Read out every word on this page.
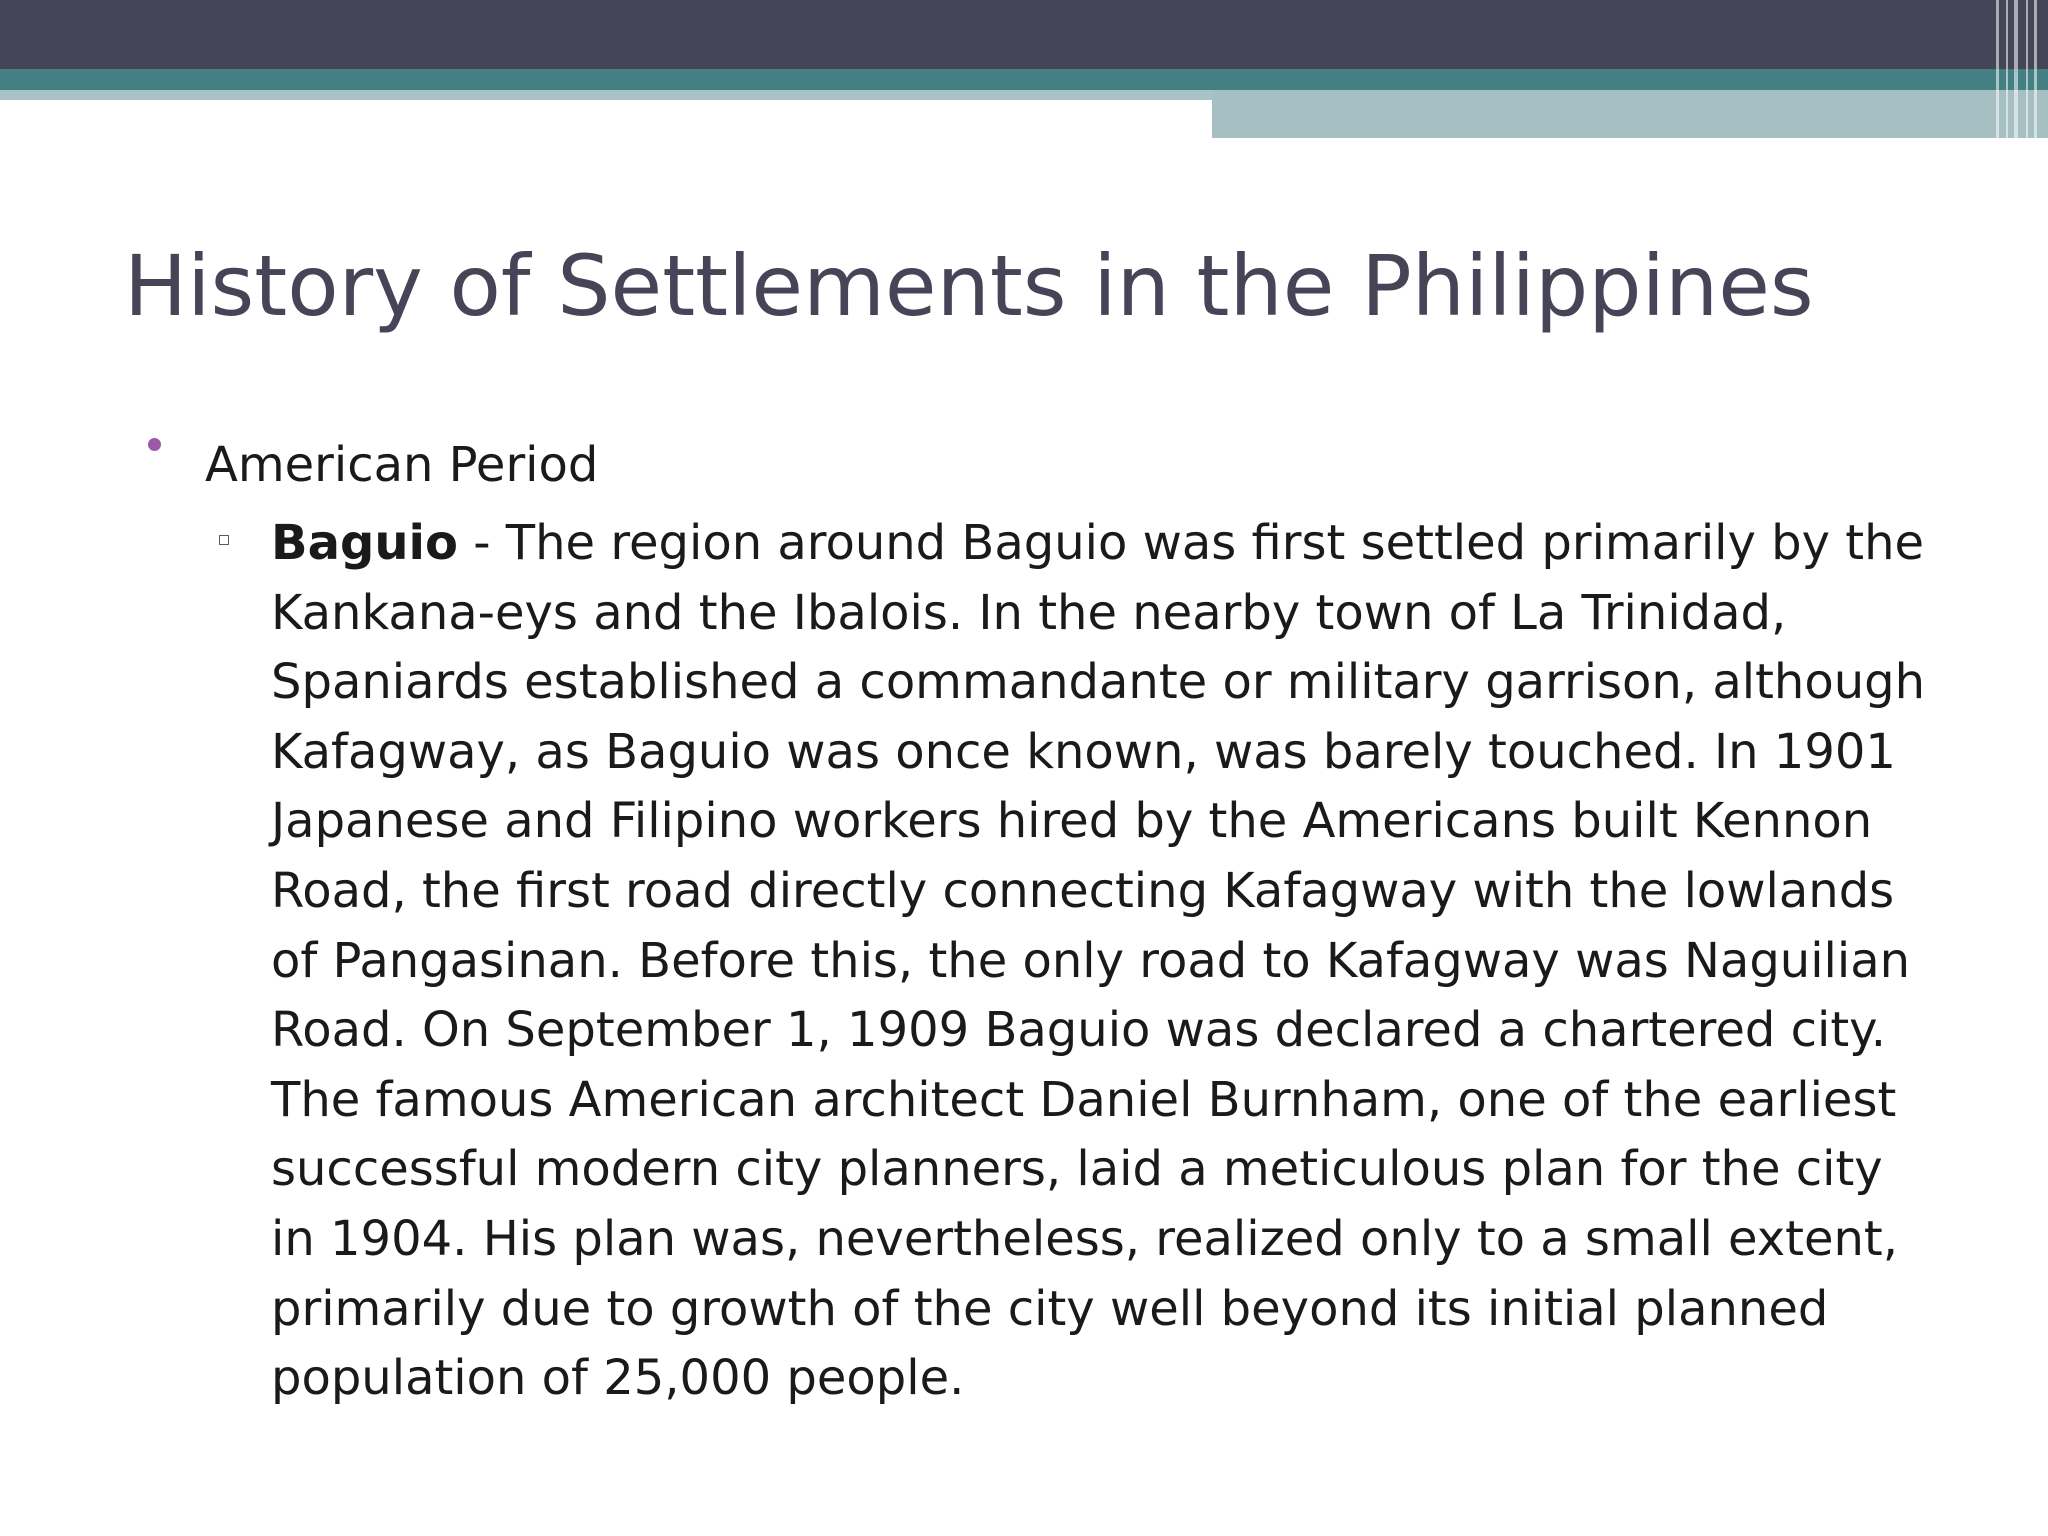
History of Settlements in the Philippines
American Period

Baguio - The region around Baguio was first settled primarily by the Kankana-eys and the Ibalois. In the nearby town of La Trinidad, Spaniards established a commandante or military garrison, although Kafagway, as Baguio was once known, was barely touched. In 1901 Japanese and Filipino workers hired by the Americans built Kennon Road, the first road directly connecting Kafagway with the lowlands of Pangasinan. Before this, the only road to Kafagway was Naguilian Road. On September 1, 1909 Baguio was declared a chartered city. The famous American architect Daniel Burnham, one of the earliest successful modern city planners, laid a meticulous plan for the city in 1904. His plan was, nevertheless, realized only to a small extent, primarily due to growth of the city well beyond its initial planned population of 25,000 people.
